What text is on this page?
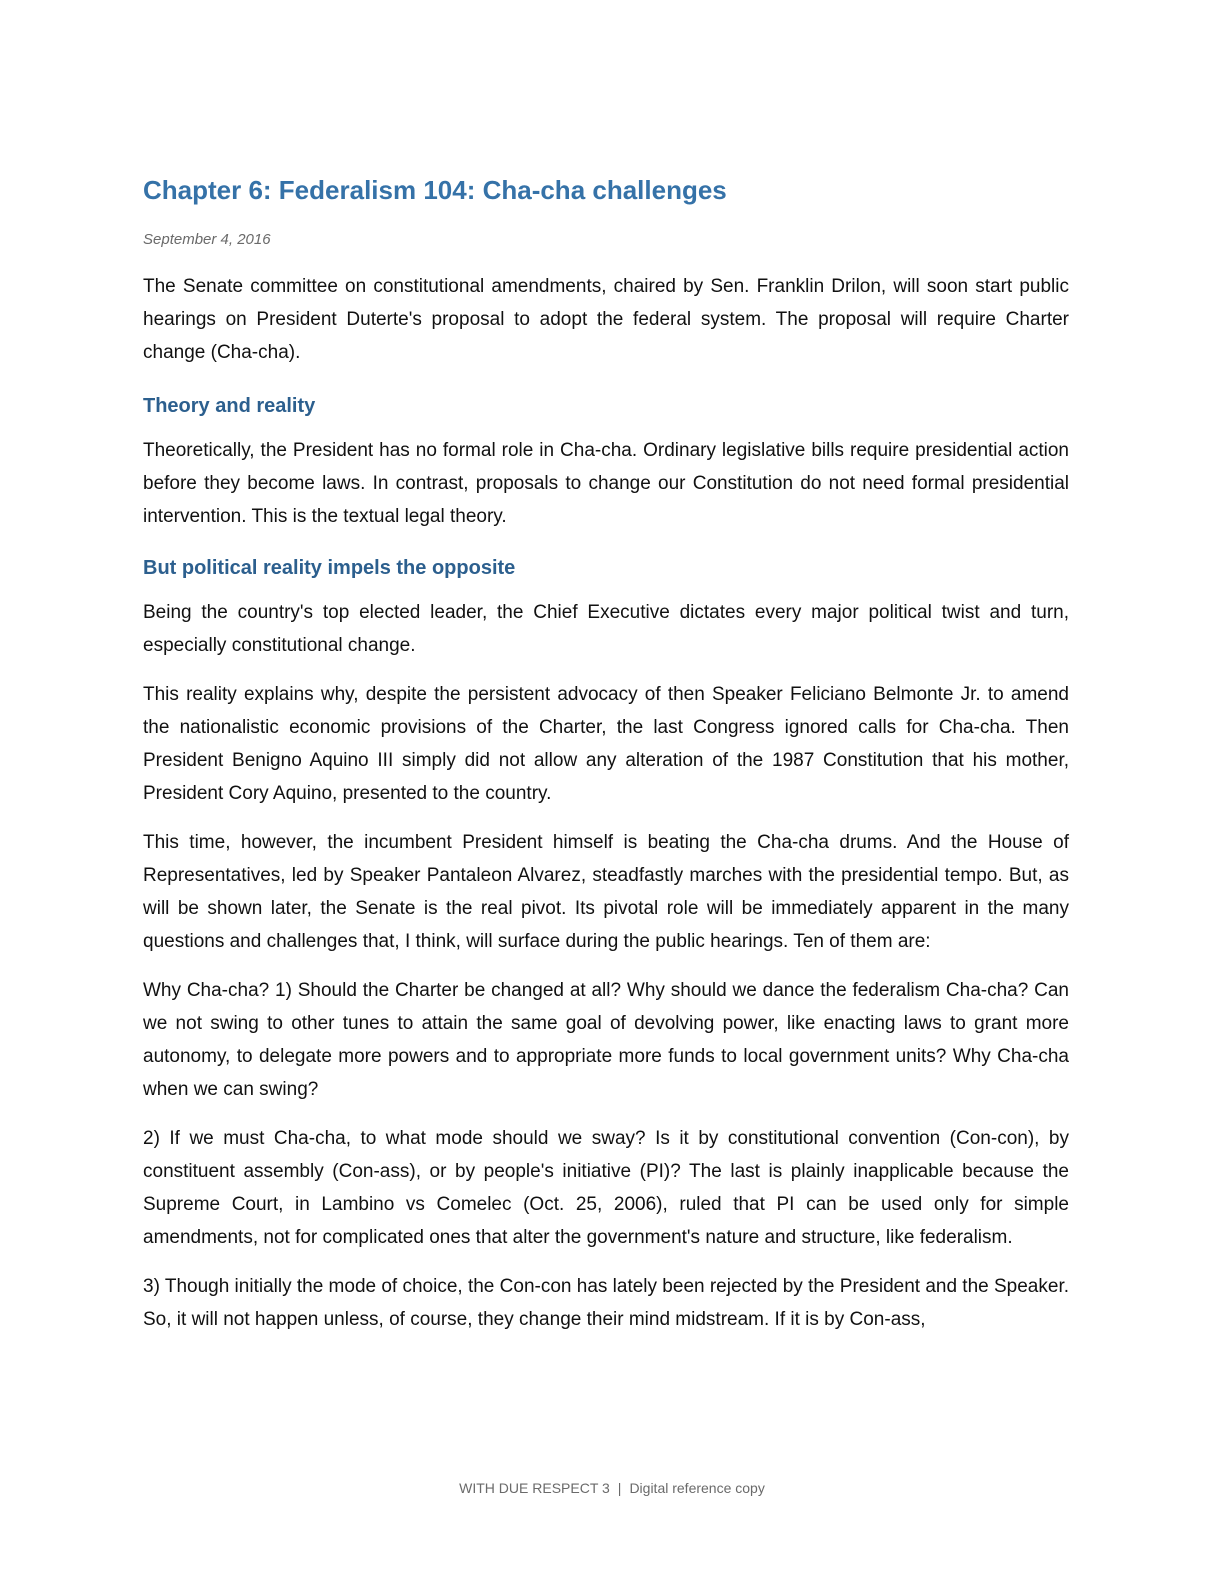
Chapter 6: Federalism 104: Cha-cha challenges
September 4, 2016

The Senate committee on constitutional amendments, chaired by Sen. Franklin Drilon, will soon start public hearings on President Duterte's proposal to adopt the federal system. The proposal will require Charter change (Cha-cha).

Theory and reality

Theoretically, the President has no formal role in Cha-cha. Ordinary legislative bills require presidential action before they become laws. In contrast, proposals to change our Constitution do not need formal presidential intervention. This is the textual legal theory.

But political reality impels the opposite

Being the country's top elected leader, the Chief Executive dictates every major political twist and turn, especially constitutional change.

This reality explains why, despite the persistent advocacy of then Speaker Feliciano Belmonte Jr. to amend the nationalistic economic provisions of the Charter, the last Congress ignored calls for Cha-cha. Then President Benigno Aquino III simply did not allow any alteration of the 1987 Constitution that his mother, President Cory Aquino, presented to the country.

This time, however, the incumbent President himself is beating the Cha-cha drums. And the House of Representatives, led by Speaker Pantaleon Alvarez, steadfastly marches with the presidential tempo. But, as will be shown later, the Senate is the real pivot. Its pivotal role will be immediately apparent in the many questions and challenges that, I think, will surface during the public hearings. Ten of them are:

Why Cha-cha? 1) Should the Charter be changed at all? Why should we dance the federalism Cha-cha? Can we not swing to other tunes to attain the same goal of devolving power, like enacting laws to grant more autonomy, to delegate more powers and to appropriate more funds to local government units? Why Cha-cha when we can swing?

2) If we must Cha-cha, to what mode should we sway? Is it by constitutional convention (Con-con), by constituent assembly (Con-ass), or by people's initiative (PI)? The last is plainly inapplicable because the Supreme Court, in Lambino vs Comelec (Oct. 25, 2006), ruled that PI can be used only for simple amendments, not for complicated ones that alter the government's nature and structure, like federalism.

3) Though initially the mode of choice, the Con-con has lately been rejected by the President and the Speaker. So, it will not happen unless, of course, they change their mind midstream. If it is by Con-ass,

WITH DUE RESPECT 3 | Digital reference copy
